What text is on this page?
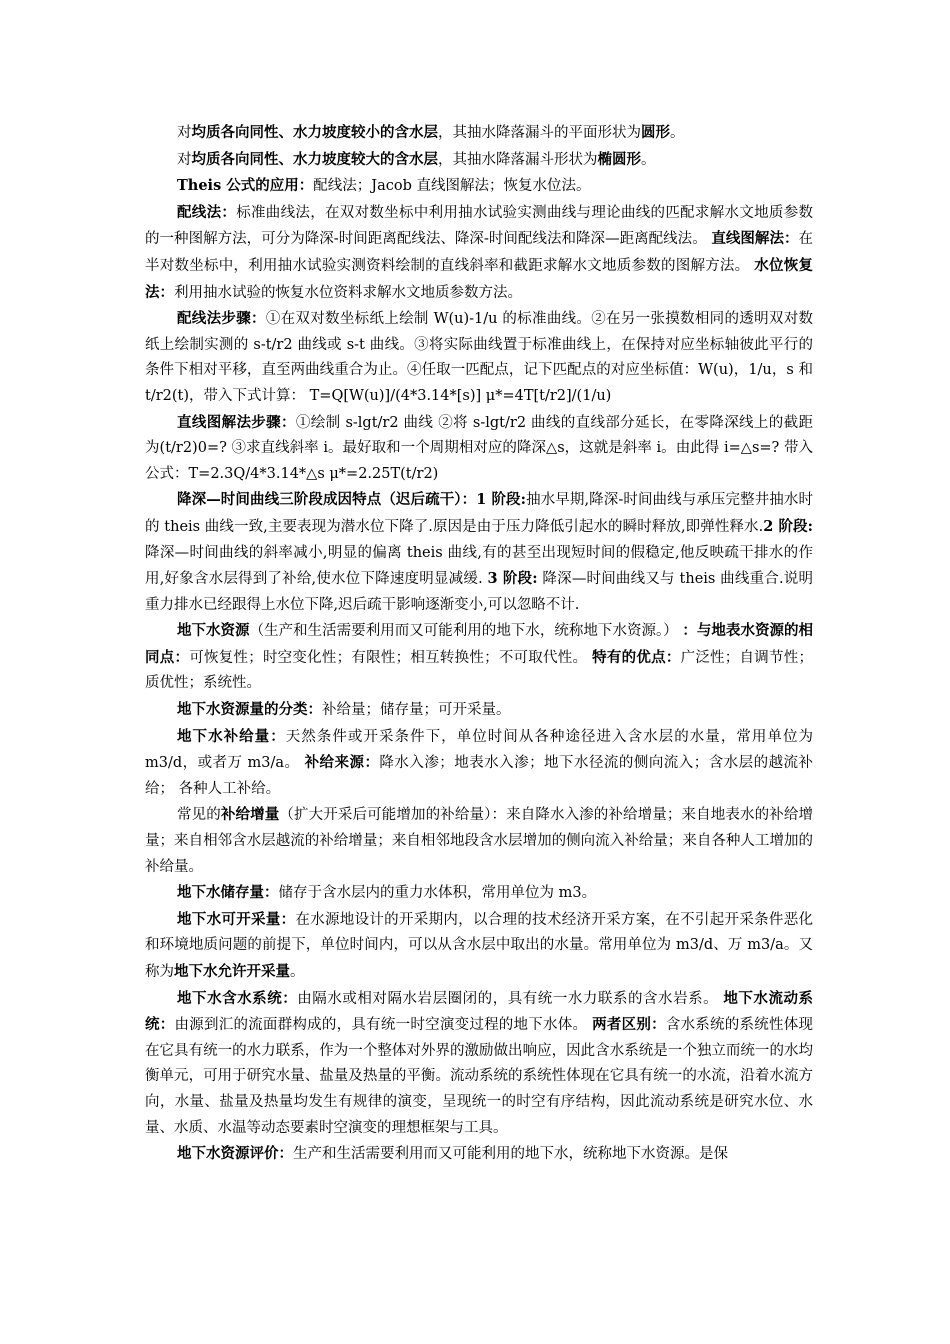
对均质各向同性、水力坡度较小的含水层，其抽水降落漏斗的平面形状为圆形。

对均质各向同性、水力坡度较大的含水层，其抽水降落漏斗形状为椭圆形。

Theis 公式的应用：配线法；Jacob 直线图解法；恢复水位法。

配线法：标准曲线法，在双对数坐标中利用抽水试验实测曲线与理论曲线的匹配求解水文地质参数的一种图解方法，可分为降深-时间距离配线法、降深-时间配线法和降深—距离配线法。 直线图解法：在半对数坐标中，利用抽水试验实测资料绘制的直线斜率和截距求解水文地质参数的图解方法。 水位恢复法：利用抽水试验的恢复水位资料求解水文地质参数方法。

配线法步骤：①在双对数坐标纸上绘制 W(u)-1/u 的标准曲线。②在另一张摸数相同的透明双对数纸上绘制实测的 s-t/r2 曲线或 s-t 曲线。③将实际曲线置于标准曲线上，在保持对应坐标轴彼此平行的条件下相对平移，直至两曲线重合为止。④任取一匹配点，记下匹配点的对应坐标值：W(u)，1/u，s 和 t/r2(t)，带入下式计算： T=Q[W(u)]/(4*3.14*[s)] μ*=4T[t/r2]/(1/u)

直线图解法步骤：①绘制 s-lgt/r2 曲线 ②将 s-lgt/r2 曲线的直线部分延长，在零降深线上的截距为(t/r2)0=? ③求直线斜率 i。最好取和一个周期相对应的降深△s，这就是斜率 i。由此得 i=△s=? 带入公式：T=2.3Q/4*3.14*△s μ*=2.25T(t/r2)

降深—时间曲线三阶段成因特点（迟后疏干）：1 阶段:抽水早期,降深-时间曲线与承压完整井抽水时的 theis 曲线一致,主要表现为潜水位下降了.原因是由于压力降低引起水的瞬时释放,即弹性释水.2 阶段:降深—时间曲线的斜率减小,明显的偏离 theis 曲线,有的甚至出现短时间的假稳定,他反映疏干排水的作用,好象含水层得到了补给,使水位下降速度明显减缓. 3 阶段: 降深—时间曲线又与 theis 曲线重合.说明重力排水已经跟得上水位下降,迟后疏干影响逐渐变小,可以忽略不计.

地下水资源（生产和生活需要利用而又可能利用的地下水，统称地下水资源。） ：与地表水资源的相同点：可恢复性；时空变化性；有限性；相互转换性；不可取代性。 特有的优点：广泛性；自调节性；质优性；系统性。

地下水资源量的分类：补给量；储存量；可开采量。

地下水补给量：天然条件或开采条件下，单位时间从各种途径进入含水层的水量，常用单位为 m3/d，或者万 m3/a。 补给来源：降水入渗；地表水入渗；地下水径流的侧向流入；含水层的越流补给； 各种人工补给。

常见的补给增量（扩大开采后可能增加的补给量）：来自降水入渗的补给增量；来自地表水的补给增量；来自相邻含水层越流的补给增量；来自相邻地段含水层增加的侧向流入补给量；来自各种人工增加的补给量。

地下水储存量：储存于含水层内的重力水体积，常用单位为 m3。

地下水可开采量：在水源地设计的开采期内，以合理的技术经济开采方案，在不引起开采条件恶化和环境地质问题的前提下，单位时间内，可以从含水层中取出的水量。常用单位为 m3/d、万 m3/a。又称为地下水允许开采量。

地下水含水系统：由隔水或相对隔水岩层圈闭的，具有统一水力联系的含水岩系。 地下水流动系统：由源到汇的流面群构成的，具有统一时空演变过程的地下水体。 两者区别：含水系统的系统性体现在它具有统一的水力联系，作为一个整体对外界的激励做出响应，因此含水系统是一个独立而统一的水均衡单元，可用于研究水量、盐量及热量的平衡。流动系统的系统性体现在它具有统一的水流，沿着水流方向，水量、盐量及热量均发生有规律的演变，呈现统一的时空有序结构，因此流动系统是研究水位、水量、水质、水温等动态要素时空演变的理想框架与工具。

地下水资源评价：生产和生活需要利用而又可能利用的地下水，统称地下水资源。是保
